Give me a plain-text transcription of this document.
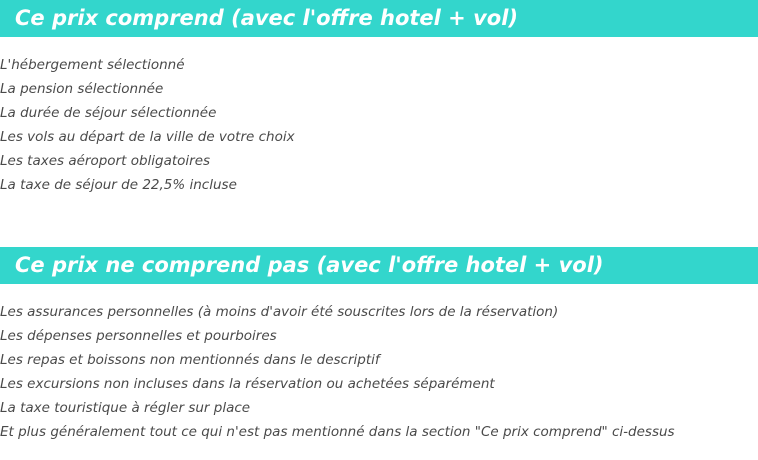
Ce prix comprend (avec l'offre hotel + vol)
L'hébergement sélectionné
La pension sélectionnée
La durée de séjour sélectionnée
Les vols au départ de la ville de votre choix
Les taxes aéroport obligatoires
La taxe de séjour de 22,5% incluse
Ce prix ne comprend pas (avec l'offre hotel + vol)
Les assurances personnelles (à moins d'avoir été souscrites lors de la réservation)
Les dépenses personnelles et pourboires
Les repas et boissons non mentionnés dans le descriptif
Les excursions non incluses dans la réservation ou achetées séparément
La taxe touristique à régler sur place
Et plus généralement tout ce qui n'est pas mentionné dans la section "Ce prix comprend" ci-dessus
